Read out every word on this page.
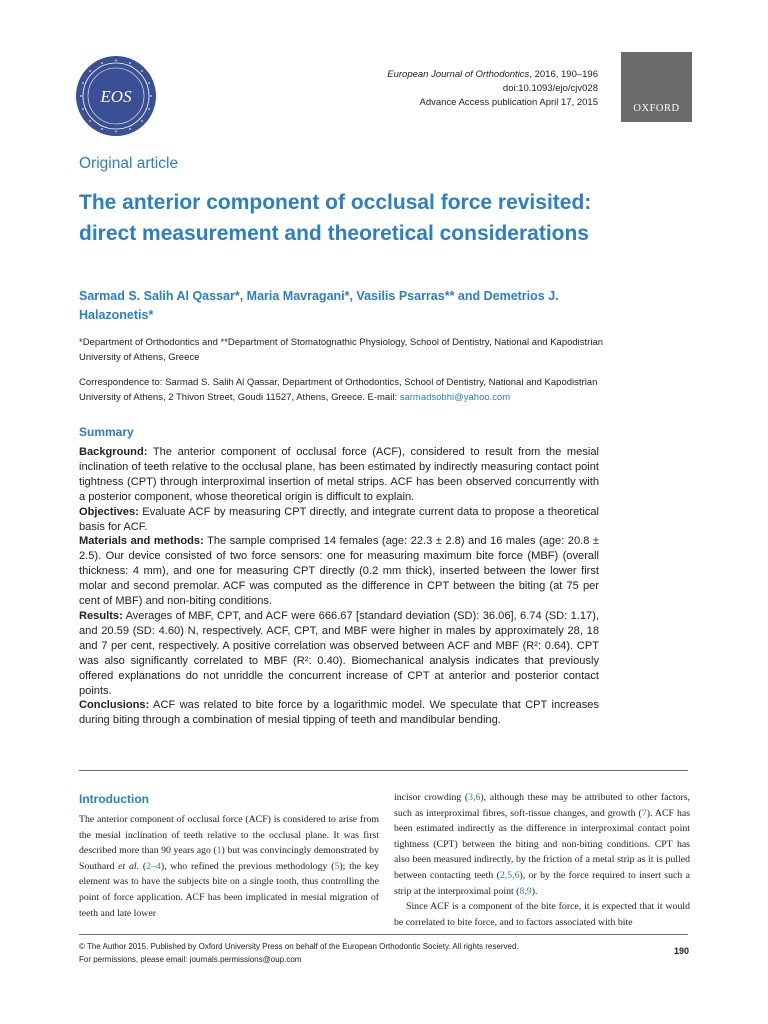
EOS
European Journal of Orthodontics, 2016, 190–196
doi:10.1093/ejo/cjv028
Advance Access publication April 17, 2015
OXFORD
Original article
The anterior component of occlusal force revisited: direct measurement and theoretical considerations
Sarmad S. Salih Al Qassar*, Maria Mavragani*, Vasilis Psarras** and Demetrios J. Halazonetis*
*Department of Orthodontics and **Department of Stomatognathic Physiology, School of Dentistry, National and Kapodistrian University of Athens, Greece
Correspondence to: Sarmad S. Salih Al Qassar, Department of Orthodontics, School of Dentistry, National and Kapodistrian University of Athens, 2 Thivon Street, Goudi 11527, Athens, Greece. E-mail: sarmadsobhi@yahoo.com
Summary
Background: The anterior component of occlusal force (ACF), considered to result from the mesial inclination of teeth relative to the occlusal plane, has been estimated by indirectly measuring contact point tightness (CPT) through interproximal insertion of metal strips. ACF has been observed concurrently with a posterior component, whose theoretical origin is difficult to explain.
Objectives: Evaluate ACF by measuring CPT directly, and integrate current data to propose a theoretical basis for ACF.
Materials and methods: The sample comprised 14 females (age: 22.3 ± 2.8) and 16 males (age: 20.8 ± 2.5). Our device consisted of two force sensors: one for measuring maximum bite force (MBF) (overall thickness: 4 mm), and one for measuring CPT directly (0.2 mm thick), inserted between the lower first molar and second premolar. ACF was computed as the difference in CPT between the biting (at 75 per cent of MBF) and non-biting conditions.
Results: Averages of MBF, CPT, and ACF were 666.67 [standard deviation (SD): 36.06], 6.74 (SD: 1.17), and 20.59 (SD: 4.60) N, respectively. ACF, CPT, and MBF were higher in males by approximately 28, 18 and 7 per cent, respectively. A positive correlation was observed between ACF and MBF (R²: 0.64). CPT was also significantly correlated to MBF (R²: 0.40). Biomechanical analysis indicates that previously offered explanations do not unriddle the concurrent increase of CPT at anterior and posterior contact points.
Conclusions: ACF was related to bite force by a logarithmic model. We speculate that CPT increases during biting through a combination of mesial tipping of teeth and mandibular bending.
Introduction

The anterior component of occlusal force (ACF) is considered to arise from the mesial inclination of teeth relative to the occlusal plane. It was first described more than 90 years ago (1) but was convincingly demonstrated by Southard et al. (2–4), who refined the previous methodology (5); the key element was to have the subjects bite on a single tooth, thus controlling the point of force application. ACF has been implicated in mesial migration of teeth and late lower

incisor crowding (3,6), although these may be attributed to other factors, such as interproximal fibres, soft-tissue changes, and growth (7). ACF has been estimated indirectly as the difference in interproximal contact point tightness (CPT) between the biting and non-biting conditions. CPT has also been measured indirectly, by the friction of a metal strip as it is pulled between contacting teeth (2,5,6), or by the force required to insert such a strip at the interproximal point (8,9).

Since ACF is a component of the bite force, it is expected that it would be correlated to bite force, and to factors associated with bite

© The Author 2015. Published by Oxford University Press on behalf of the European Orthodontic Society. All rights reserved.
For permissions, please email: journals.permissions@oup.com
190
